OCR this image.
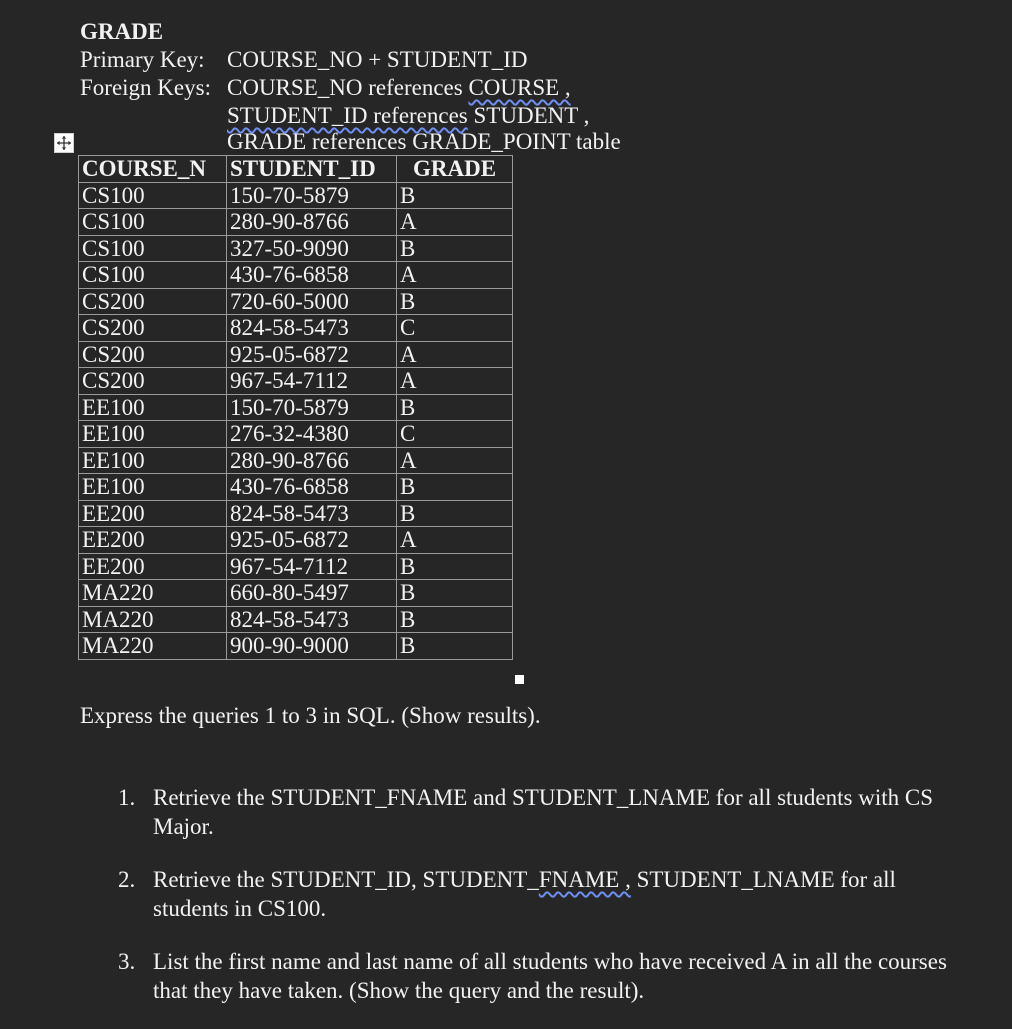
GRADE
Primary Key: COURSE_NO + STUDENT_ID
Foreign Keys: COURSE_NO references COURSE ,
STUDENT_ID references STUDENT ,
GRADE references GRADE_POINT table
COURSE_N	STUDENT_ID	GRADE
CS100	150-70-5879	B
CS100	280-90-8766	A
CS100	327-50-9090	B
CS100	430-76-6858	A
CS200	720-60-5000	B
CS200	824-58-5473	C
CS200	925-05-6872	A
CS200	967-54-7112	A
EE100	150-70-5879	B
EE100	276-32-4380	C
EE100	280-90-8766	A
EE100	430-76-6858	B
EE200	824-58-5473	B
EE200	925-05-6872	A
EE200	967-54-7112	B
MA220	660-80-5497	B
MA220	824-58-5473	B
MA220	900-90-9000	B
Express the queries 1 to 3 in SQL. (Show results).
1. Retrieve the STUDENT_FNAME and STUDENT_LNAME for all students with CS Major.
2. Retrieve the STUDENT_ID, STUDENT_FNAME , STUDENT_LNAME for all students in CS100.
3. List the first name and last name of all students who have received A in all the courses that they have taken. (Show the query and the result).
